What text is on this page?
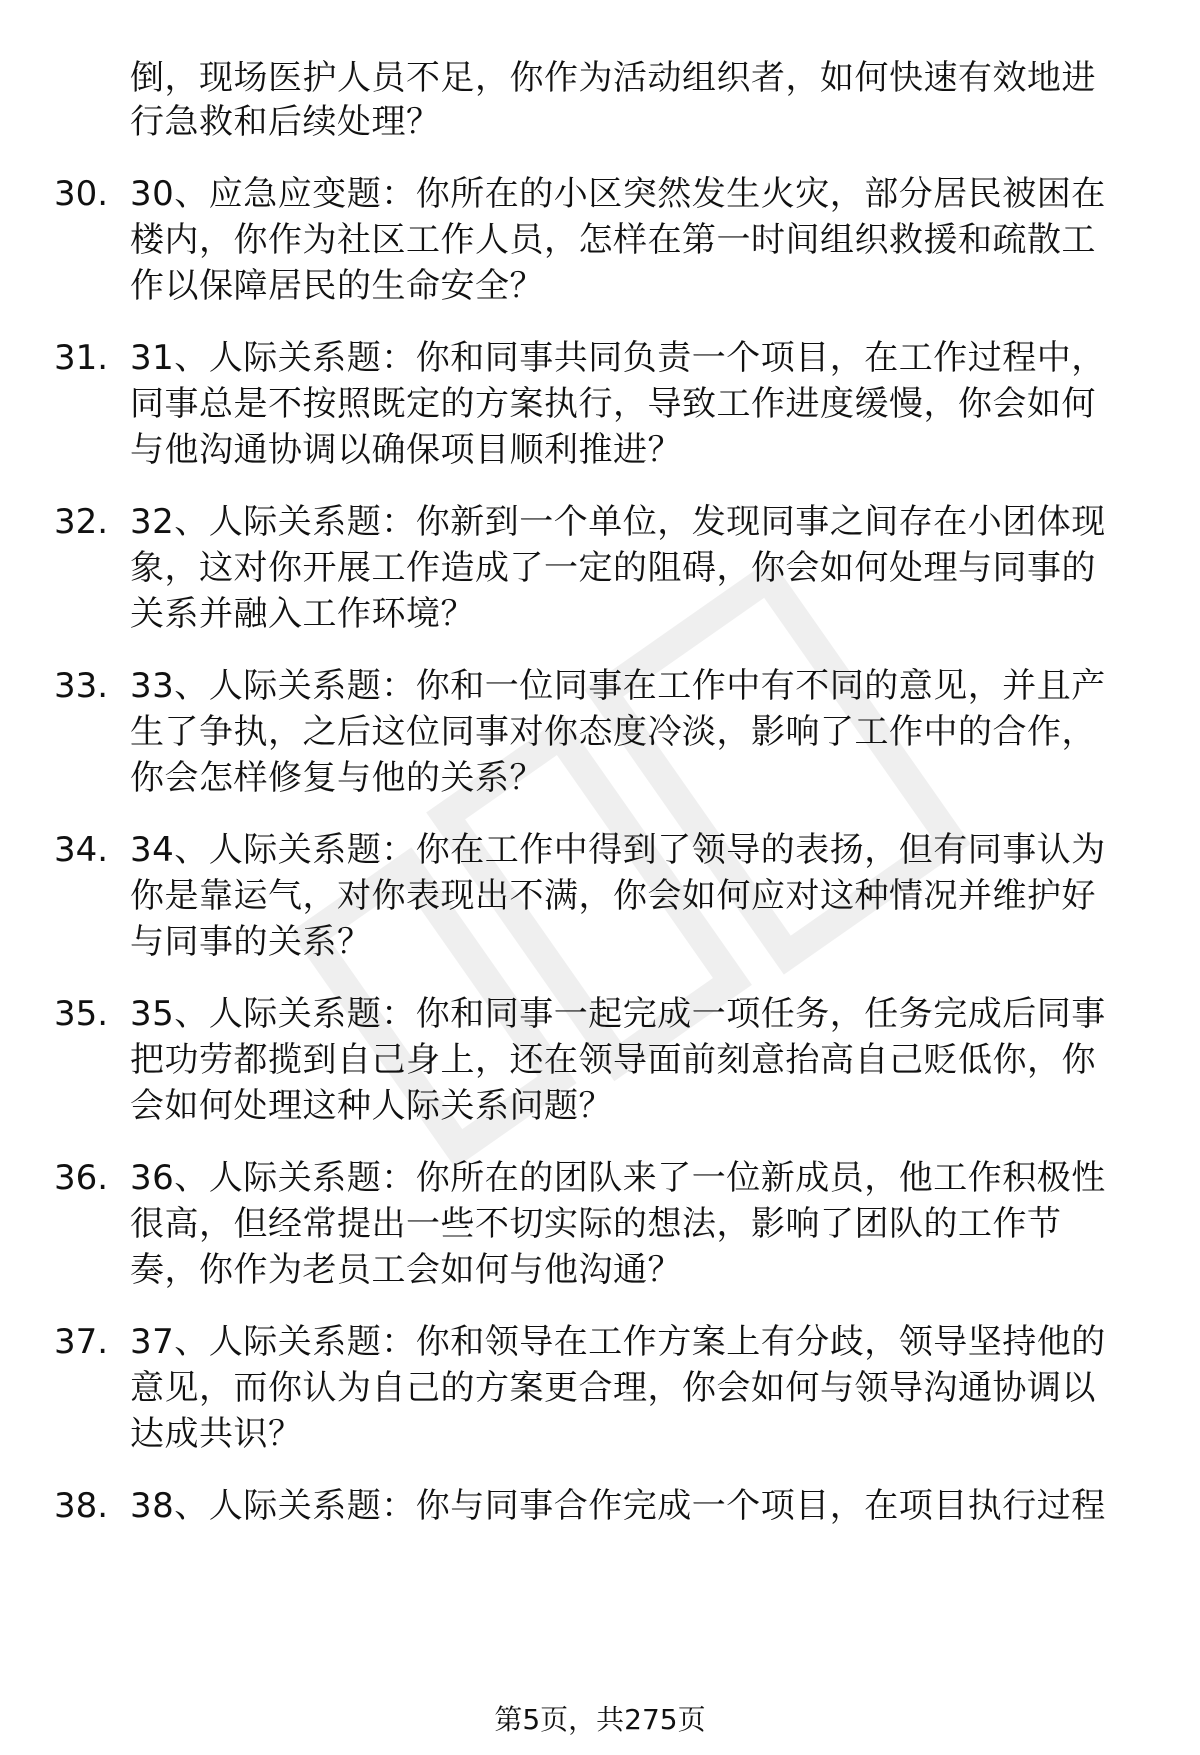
倒，现场医护人员不足，你作为活动组织者，如何快速有效地进
行急救和后续处理？
30. 30、应急应变题：你所在的小区突然发生火灾，部分居民被困在
楼内，你作为社区工作人员，怎样在第一时间组织救援和疏散工
作以保障居民的生命安全？
31. 31、人际关系题：你和同事共同负责一个项目，在工作过程中，
同事总是不按照既定的方案执行，导致工作进度缓慢，你会如何
与他沟通协调以确保项目顺利推进？
32. 32、人际关系题：你新到一个单位，发现同事之间存在小团体现
象，这对你开展工作造成了一定的阻碍，你会如何处理与同事的
关系并融入工作环境？
33. 33、人际关系题：你和一位同事在工作中有不同的意见，并且产
生了争执，之后这位同事对你态度冷淡，影响了工作中的合作，
你会怎样修复与他的关系？
34. 34、人际关系题：你在工作中得到了领导的表扬，但有同事认为
你是靠运气，对你表现出不满，你会如何应对这种情况并维护好
与同事的关系？
35. 35、人际关系题：你和同事一起完成一项任务，任务完成后同事
把功劳都揽到自己身上，还在领导面前刻意抬高自己贬低你，你
会如何处理这种人际关系问题？
36. 36、人际关系题：你所在的团队来了一位新成员，他工作积极性
很高，但经常提出一些不切实际的想法，影响了团队的工作节
奏，你作为老员工会如何与他沟通？
37. 37、人际关系题：你和领导在工作方案上有分歧，领导坚持他的
意见，而你认为自己的方案更合理，你会如何与领导沟通协调以
达成共识？
38. 38、人际关系题：你与同事合作完成一个项目，在项目执行过程
第5页，共275页
